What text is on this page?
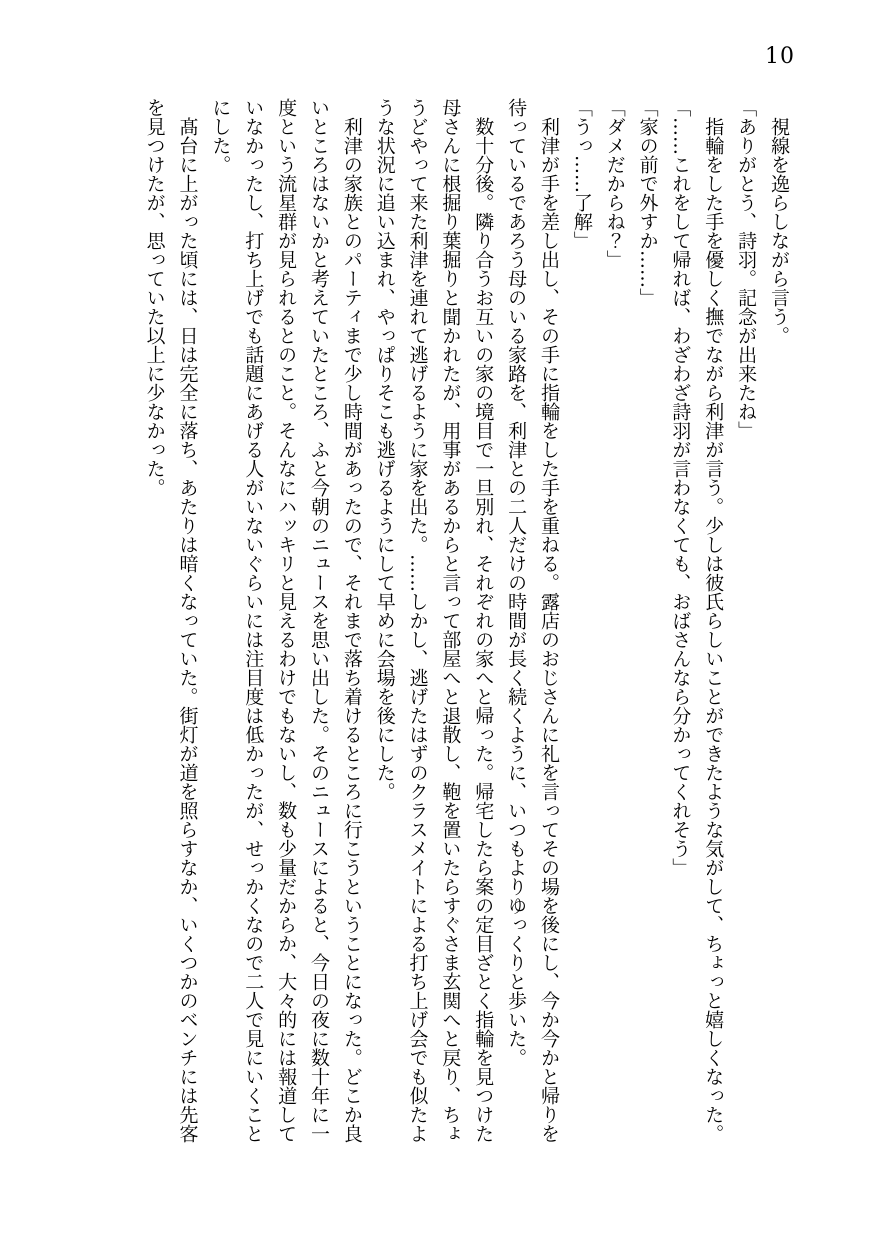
10

視線を逸らしながら言う。

「ありがとう、詩羽。記念が出来たね」

指輪をした手を優しく撫でながら利津が言う。少しは彼氏らしいことができたような気がして、ちょっと嬉しくなった。

「……これをして帰れば、わざわざ詩羽が言わなくても、おばさんなら分かってくれそう」

「家の前で外すか……」

「ダメだからね？」

「うっ……了解」

利津が手を差し出し、その手に指輪をした手を重ねる。露店のおじさんに礼を言ってその場を後にし、今か今かと帰りを待っているであろう母のいる家路を、利津との二人だけの時間が長く続くように、いつもよりゆっくりと歩いた。

数十分後。隣り合うお互いの家の境目で一旦別れ、それぞれの家へと帰った。帰宅したら案の定目ざとく指輪を見つけた母さんに根掘り葉掘りと聞かれたが、用事があるからと言って部屋へと退散し、鞄を置いたらすぐさま玄関へと戻り、ちょうどやって来た利津を連れて逃げるように家を出た。……しかし、逃げたはずのクラスメイトによる打ち上げ会でも似たような状況に追い込まれ、やっぱりそこも逃げるようにして早めに会場を後にした。

利津の家族とのパーティまで少し時間があったので、それまで落ち着けるところに行こうということになった。どこか良いところはないかと考えていたところ、ふと今朝のニュースを思い出した。そのニュースによると、今日の夜に数十年に一度という流星群が見られるとのこと。そんなにハッキリと見えるわけでもないし、数も少量だからか、大々的には報道していなかったし、打ち上げでも話題にあげる人がいないぐらいには注目度は低かったが、せっかくなので二人で見にいくことにした。

髙台に上がった頃には、日は完全に落ち、あたりは暗くなっていた。街灯が道を照らすなか、いくつかのベンチには先客を見つけたが、思っていた以上に少なかった。
